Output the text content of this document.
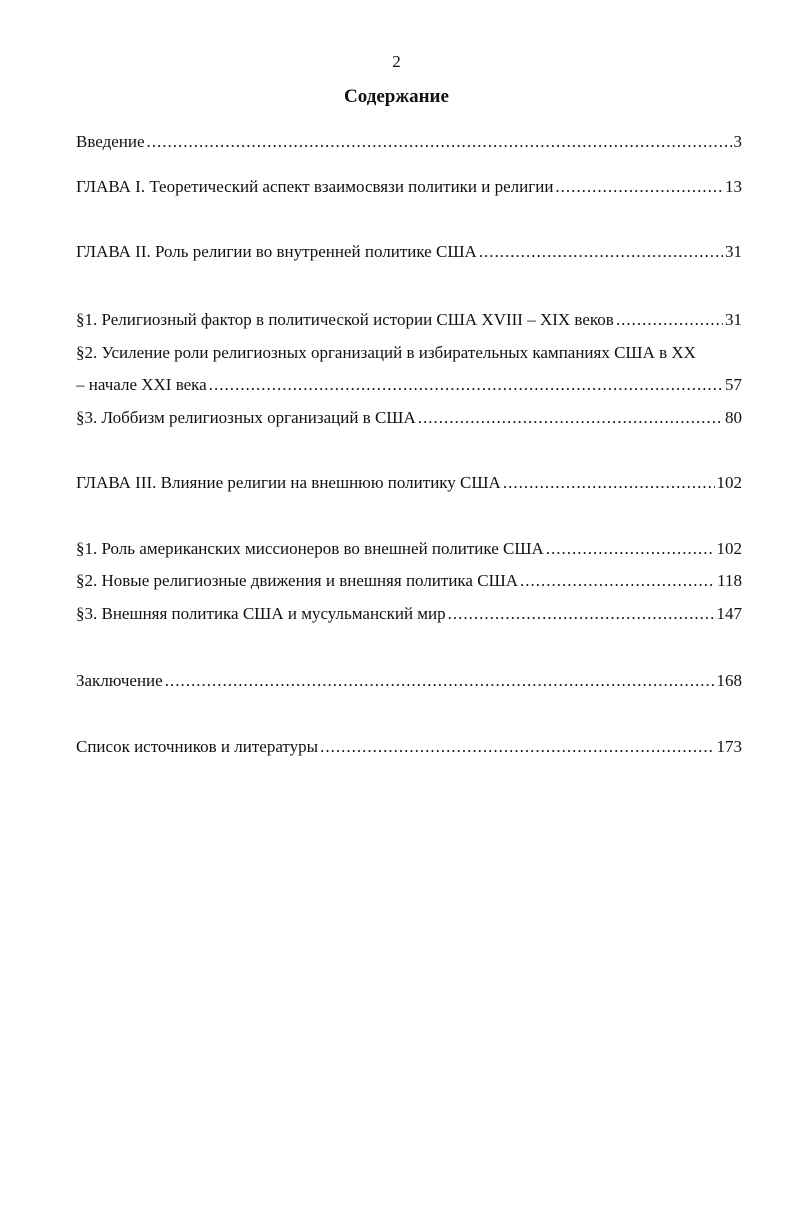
2
Содержание
Введение .....	3
ГЛАВА I. Теоретический аспект взаимосвязи политики и религии .....	13
ГЛАВА II. Роль религии во внутренней политике США .....	31
§1. Религиозный фактор в политической истории США XVIII – XIX веков .....	31
§2. Усиление роли религиозных организаций в избирательных кампаниях США в XX
– начале XXI века .....	57
§3. Лоббизм религиозных организаций в США .....	80
ГЛАВА III. Влияние религии на внешнюю политику США .....	102
§1. Роль американских миссионеров во внешней политике США .....	102
§2. Новые религиозные движения и внешняя политика США .....	118
§3. Внешняя политика США и мусульманский мир .....	147
Заключение .....	168
Список источников и литературы .....	173
